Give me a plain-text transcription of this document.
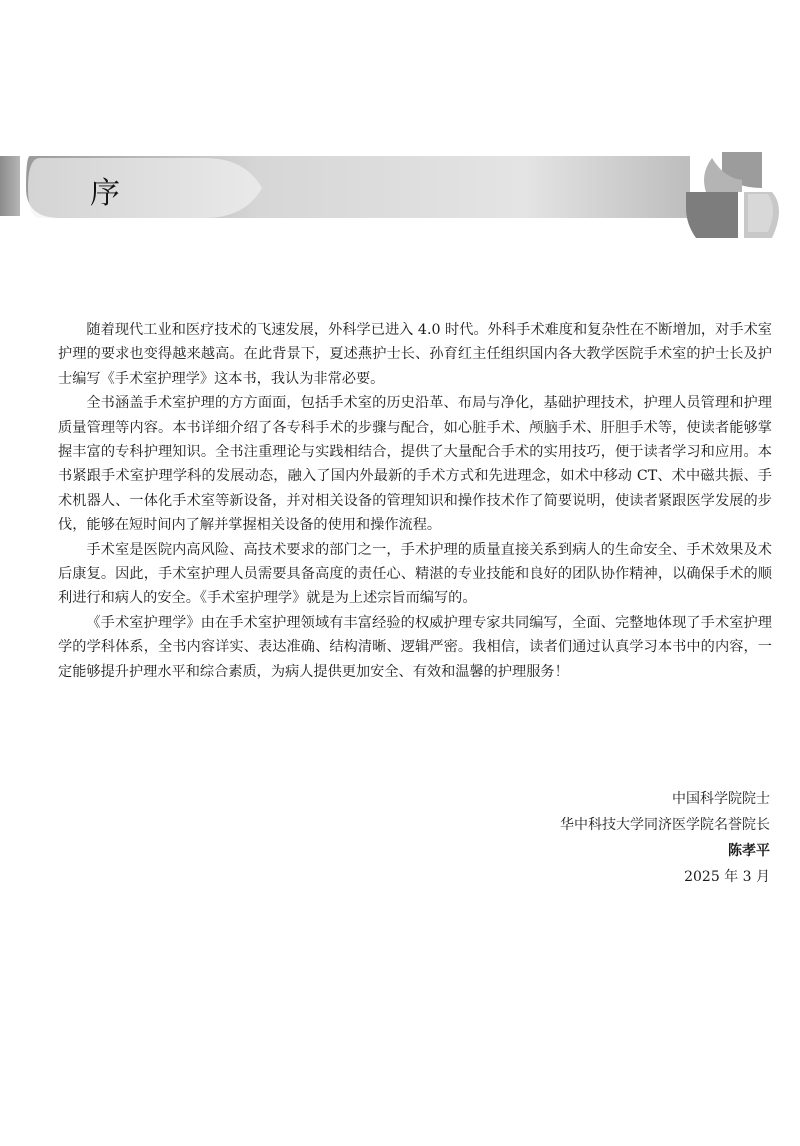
序

随着现代工业和医疗技术的飞速发展，外科学已进入 4.0 时代。外科手术难度和复杂性在不断增加，对手术室护理的要求也变得越来越高。在此背景下，夏述燕护士长、孙育红主任组织国内各大教学医院手术室的护士长及护士编写《手术室护理学》这本书，我认为非常必要。

全书涵盖手术室护理的方方面面，包括手术室的历史沿革、布局与净化，基础护理技术，护理人员管理和护理质量管理等内容。本书详细介绍了各专科手术的步骤与配合，如心脏手术、颅脑手术、肝胆手术等，使读者能够掌握丰富的专科护理知识。全书注重理论与实践相结合，提供了大量配合手术的实用技巧，便于读者学习和应用。本书紧跟手术室护理学科的发展动态，融入了国内外最新的手术方式和先进理念，如术中移动 CT、术中磁共振、手术机器人、一体化手术室等新设备，并对相关设备的管理知识和操作技术作了简要说明，使读者紧跟医学发展的步伐，能够在短时间内了解并掌握相关设备的使用和操作流程。

手术室是医院内高风险、高技术要求的部门之一，手术护理的质量直接关系到病人的生命安全、手术效果及术后康复。因此，手术室护理人员需要具备高度的责任心、精湛的专业技能和良好的团队协作精神，以确保手术的顺利进行和病人的安全。《手术室护理学》就是为上述宗旨而编写的。

《手术室护理学》由在手术室护理领域有丰富经验的权威护理专家共同编写，全面、完整地体现了手术室护理学的学科体系，全书内容详实、表达准确、结构清晰、逻辑严密。我相信，读者们通过认真学习本书中的内容，一定能够提升护理水平和综合素质，为病人提供更加安全、有效和温馨的护理服务！

中国科学院院士
华中科技大学同济医学院名誉院长
陈孝平
2025 年 3 月
